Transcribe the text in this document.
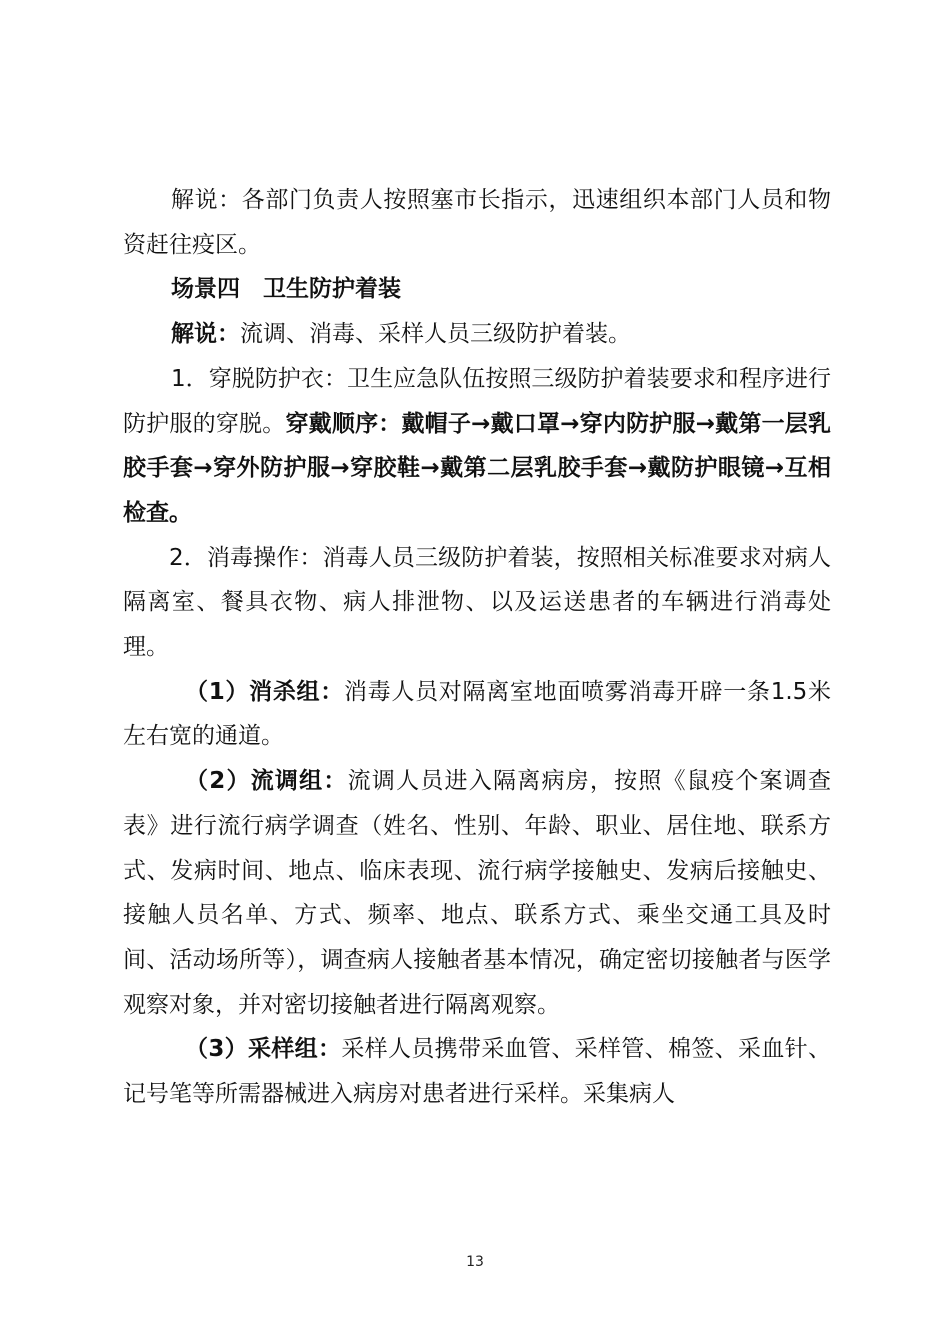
解说：各部门负责人按照塞市长指示，迅速组织本部门人员和物资赶往疫区。

场景四　卫生防护着装

解说：流调、消毒、采样人员三级防护着装。

1．穿脱防护衣：卫生应急队伍按照三级防护着装要求和程序进行防护服的穿脱。穿戴顺序：戴帽子→戴口罩→穿内防护服→戴第一层乳胶手套→穿外防护服→穿胶鞋→戴第二层乳胶手套→戴防护眼镜→互相检查。

2．消毒操作：消毒人员三级防护着装，按照相关标准要求对病人隔离室、餐具衣物、病人排泄物、以及运送患者的车辆进行消毒处理。

（1）消杀组：消毒人员对隔离室地面喷雾消毒开辟一条1.5米左右宽的通道。

（2）流调组：流调人员进入隔离病房，按照《鼠疫个案调查表》进行流行病学调查（姓名、性别、年龄、职业、居住地、联系方式、发病时间、地点、临床表现、流行病学接触史、发病后接触史、接触人员名单、方式、频率、地点、联系方式、乘坐交通工具及时间、活动场所等），调查病人接触者基本情况，确定密切接触者与医学观察对象，并对密切接触者进行隔离观察。

（3）采样组：采样人员携带采血管、采样管、棉签、采血针、记号笔等所需器械进入病房对患者进行采样。采集病人

13
